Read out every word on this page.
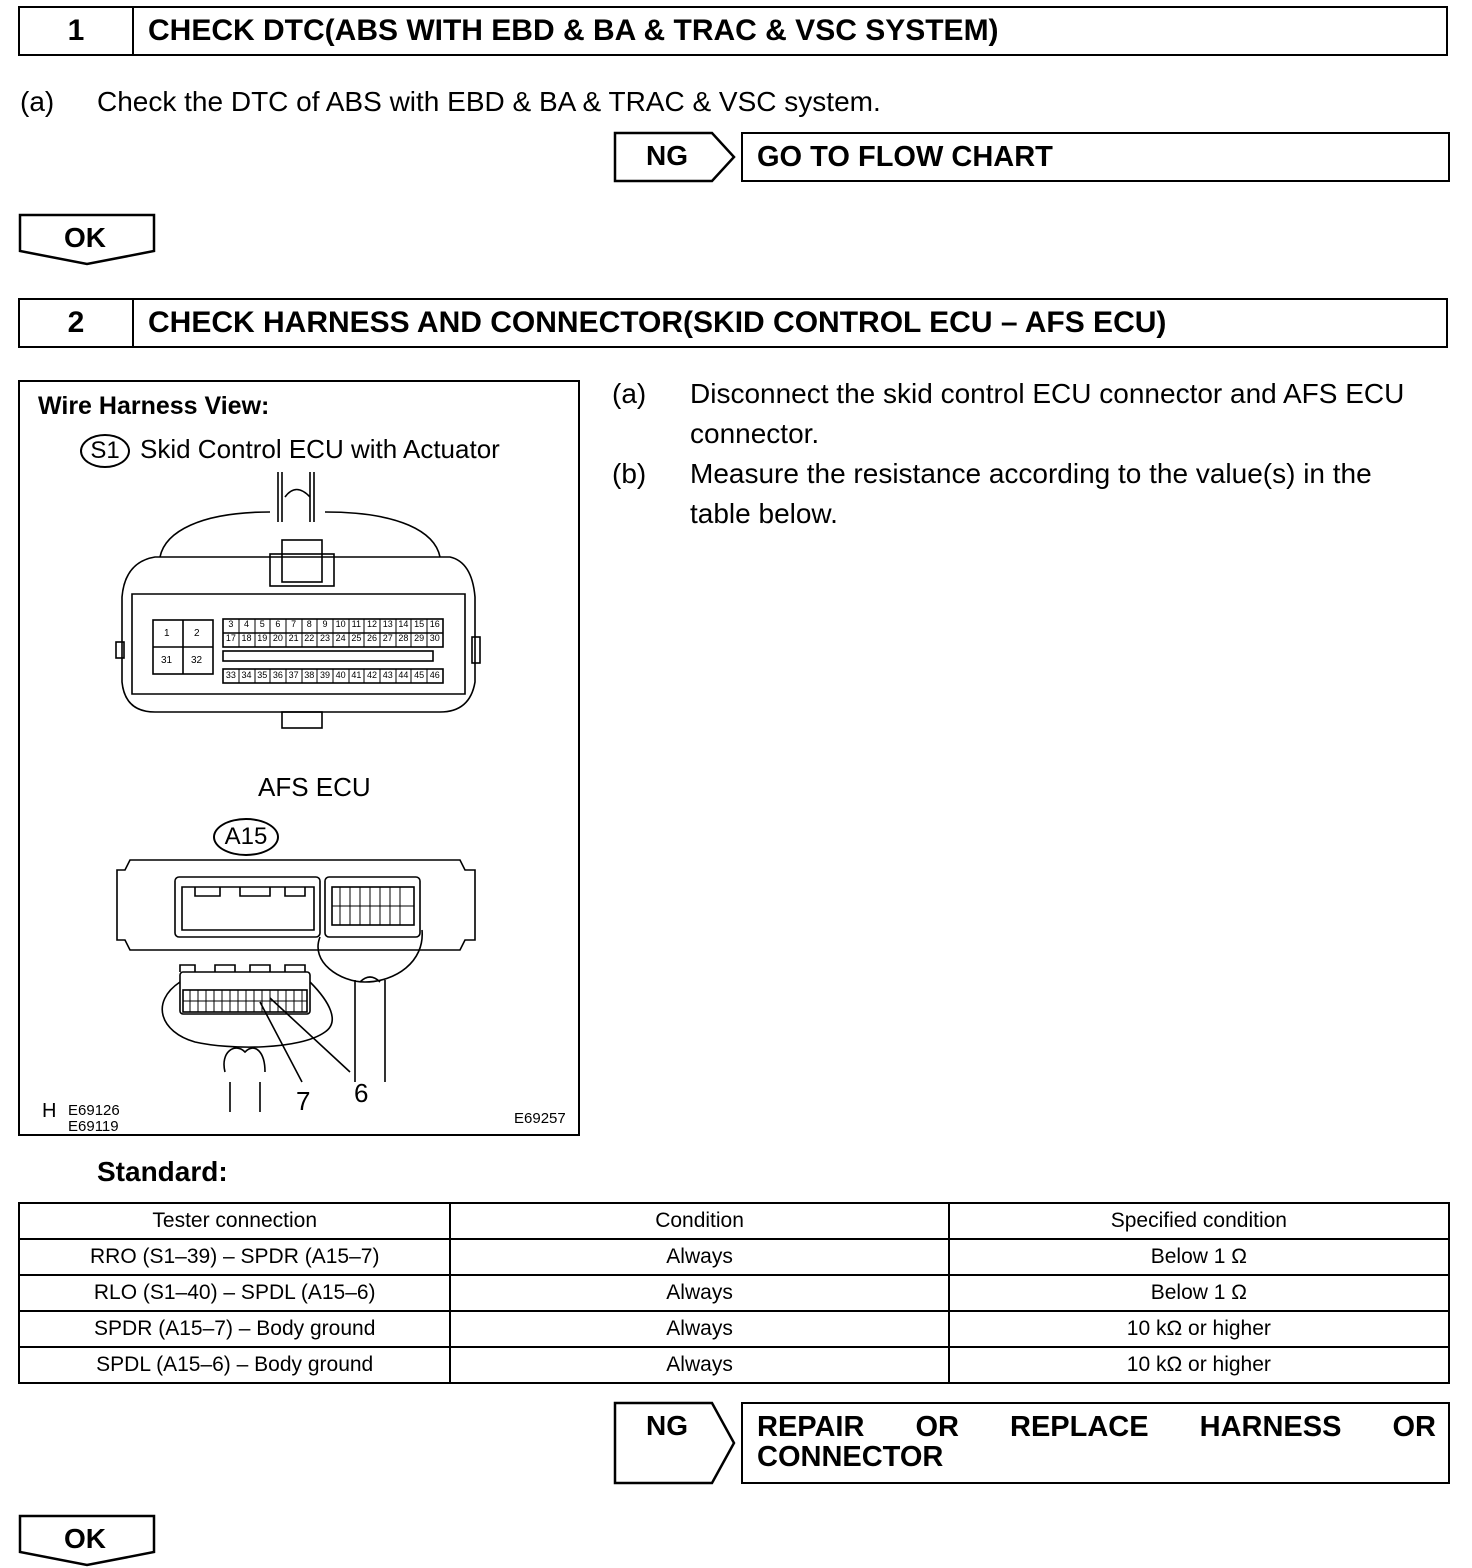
1	CHECK DTC(ABS WITH EBD & BA & TRAC & VSC SYSTEM)
(a) Check the DTC of ABS with EBD & BA & TRAC & VSC system.
NG	GO TO FLOW CHART
OK
2	CHECK HARNESS AND CONNECTOR(SKID CONTROL ECU – AFS ECU)
Wire Harness View:
S1 Skid Control ECU with Actuator
1 2
31 32
3	4	5	6	7	8	9 10 11 12 13 14 15 16
17 18 19 20 21 22 23 24 25 26 27 28 29 30
33 34 35 36 37 38 39 40 41 42 43 44 45 46
AFS ECU
A15
7 6
H E69126
E69119	E69257
(a) Disconnect the skid control ECU connector and AFS ECU
connector.
(b) Measure the resistance according to the value(s) in the
table below.
Standard:
Tester connection	Condition	Specified condition
RRO (S1–39) – SPDR (A15–7)	Always	Below 1 Ω
RLO (S1–40) – SPDL (A15–6)	Always	Below 1 Ω
SPDR (A15–7) – Body ground	Always	10 kΩ or higher
SPDL (A15–6) – Body ground	Always	10 kΩ or higher
NG REPAIR OR REPLACE HARNESS OR
CONNECTOR
OK
